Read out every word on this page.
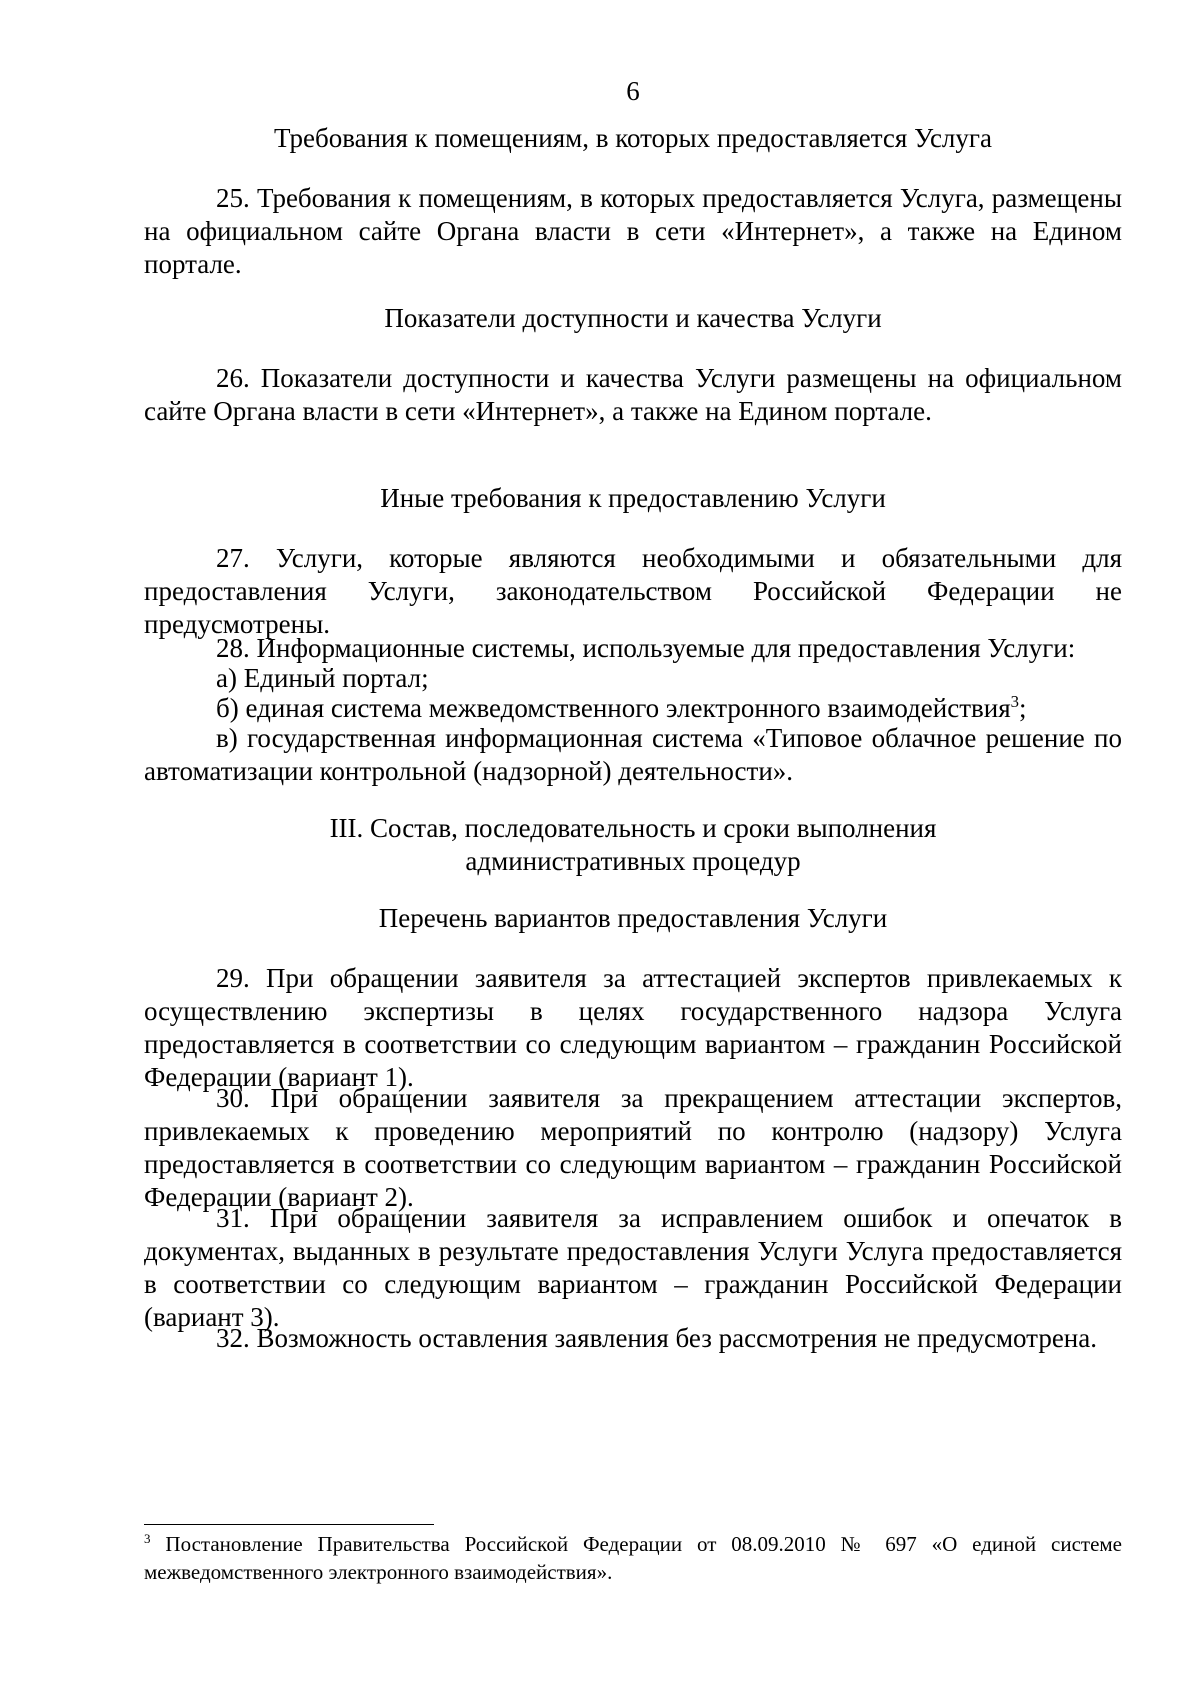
6
Требования к помещениям, в которых предоставляется Услуга
25. Требования к помещениям, в которых предоставляется Услуга, размещены на официальном сайте Органа власти в сети «Интернет», а также на Едином портале.
Показатели доступности и качества Услуги
26. Показатели доступности и качества Услуги размещены на официальном сайте Органа власти в сети «Интернет», а также на Едином портале.
Иные требования к предоставлению Услуги
27. Услуги, которые являются необходимыми и обязательными для предоставления Услуги, законодательством Российской Федерации не предусмотрены.
28. Информационные системы, используемые для предоставления Услуги:
а) Единый портал;
б) единая система межведомственного электронного взаимодействия$^3$;
в) государственная информационная система «Типовое облачное решение по автоматизации контрольной (надзорной) деятельности».
III. Состав, последовательность и сроки выполнения
административных процедур
Перечень вариантов предоставления Услуги
29. При обращении заявителя за аттестацией экспертов привлекаемых к осуществлению экспертизы в целях государственного надзора Услуга предоставляется в соответствии со следующим вариантом – гражданин Российской Федерации (вариант 1).
30. При обращении заявителя за прекращением аттестации экспертов, привлекаемых к проведению мероприятий по контролю (надзору) Услуга предоставляется в соответствии со следующим вариантом – гражданин Российской Федерации (вариант 2).
31. При обращении заявителя за исправлением ошибок и опечаток в документах, выданных в результате предоставления Услуги Услуга предоставляется в соответствии со следующим вариантом – гражданин Российской Федерации (вариант 3).
32. Возможность оставления заявления без рассмотрения не предусмотрена.
$^3$ Постановление Правительства Российской Федерации от 08.09.2010 № 697 «О единой системе межведомственного электронного взаимодействия».
